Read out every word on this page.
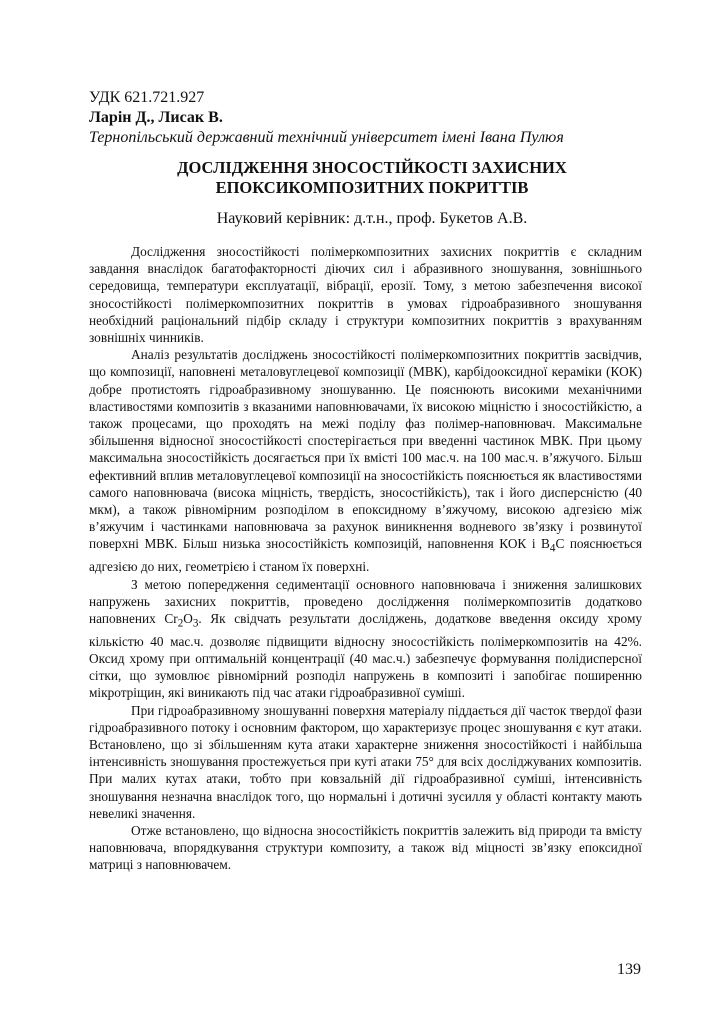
УДК 621.721.927
Ларін Д., Лисак В.
Тернопільський державний технічний університет імені Івана Пулюя
ДОСЛІДЖЕННЯ ЗНОСОСТІЙКОСТІ ЗАХИСНИХ
ЕПОКСИКОМПОЗИТНИХ ПОКРИТТІВ
Науковий керівник: д.т.н., проф. Букетов А.В.

Дослідження зносостійкості полімеркомпозитних захисних покриттів є складним завдання внаслідок багатофакторності діючих сил і абразивного зношування, зовнішнього середовища, температури експлуатації, вібрації, ерозії. Тому, з метою забезпечення високої зносостійкості полімеркомпозитних покриттів в умовах гідроабразивного зношування необхідний раціональний підбір складу і структури композитних покриттів з врахуванням зовнішніх чинників.

Аналіз результатів досліджень зносостійкості полімеркомпозитних покриттів засвідчив, що композиції, наповнені металовуглецевої композиції (МВК), карбідооксидної кераміки (КОК) добре протистоять гідроабразивному зношуванню. Це пояснюють високими механічними властивостями композитів з вказаними наповнювачами, їх високою міцністю і зносостійкістю, а також процесами, що проходять на межі поділу фаз полімер-наповнювач. Максимальне збільшення відносної зносостійкості спостерігається при введенні частинок МВК. При цьому максимальна зносостійкість досягається при їх вмісті 100 мас.ч. на 100 мас.ч. в’яжучого. Більш ефективний вплив металовуглецевої композиції на зносостійкість пояснюється як властивостями самого наповнювача (висока міцність, твердість, зносостійкість), так і його дисперсністю (40 мкм), а також рівномірним розподілом в епоксидному в’яжучому, високою адгезією між в’яжучим і частинками наповнювача за рахунок виникнення водневого зв’язку і розвинутої поверхні МВК. Більш низька зносостійкість композицій, наповнення КОК і $B_4C$ пояснюється адгезією до них, геометрією і станом їх поверхні.

З метою попередження седиментації основного наповнювача і зниження залишкових напружень захисних покриттів, проведено дослідження полімеркомпозитів додатково наповнених $Cr_2O_3$. Як свідчать результати досліджень, додаткове введення оксиду хрому кількістю 40 мас.ч. дозволяє підвищити відносну зносостійкість полімеркомпозитів на 42%. Оксид хрому при оптимальній концентрації (40 мас.ч.) забезпечує формування полідисперсної сітки, що зумовлює рівномірний розподіл напружень в композиті і запобігає поширенню мікротріщин, які виникають під час атаки гідроабразивної суміші.

При гідроабразивному зношуванні поверхня матеріалу піддається дії часток твердої фази гідроабразивного потоку і основним фактором, що характеризує процес зношування є кут атаки. Встановлено, що зі збільшенням кута атаки характерне зниження зносостійкості і найбільша інтенсивність зношування простежується при куті атаки 75° для всіх досліджуваних композитів. При малих кутах атаки, тобто при ковзальній дії гідроабразивної суміші, інтенсивність зношування незначна внаслідок того, що нормальні і дотичні зусилля у області контакту мають невеликі значення.

Отже встановлено, що відносна зносостійкість покриттів залежить від природи та вмісту наповнювача, впорядкування структури композиту, а також від міцності зв’язку епоксидної матриці з наповнювачем.

139
